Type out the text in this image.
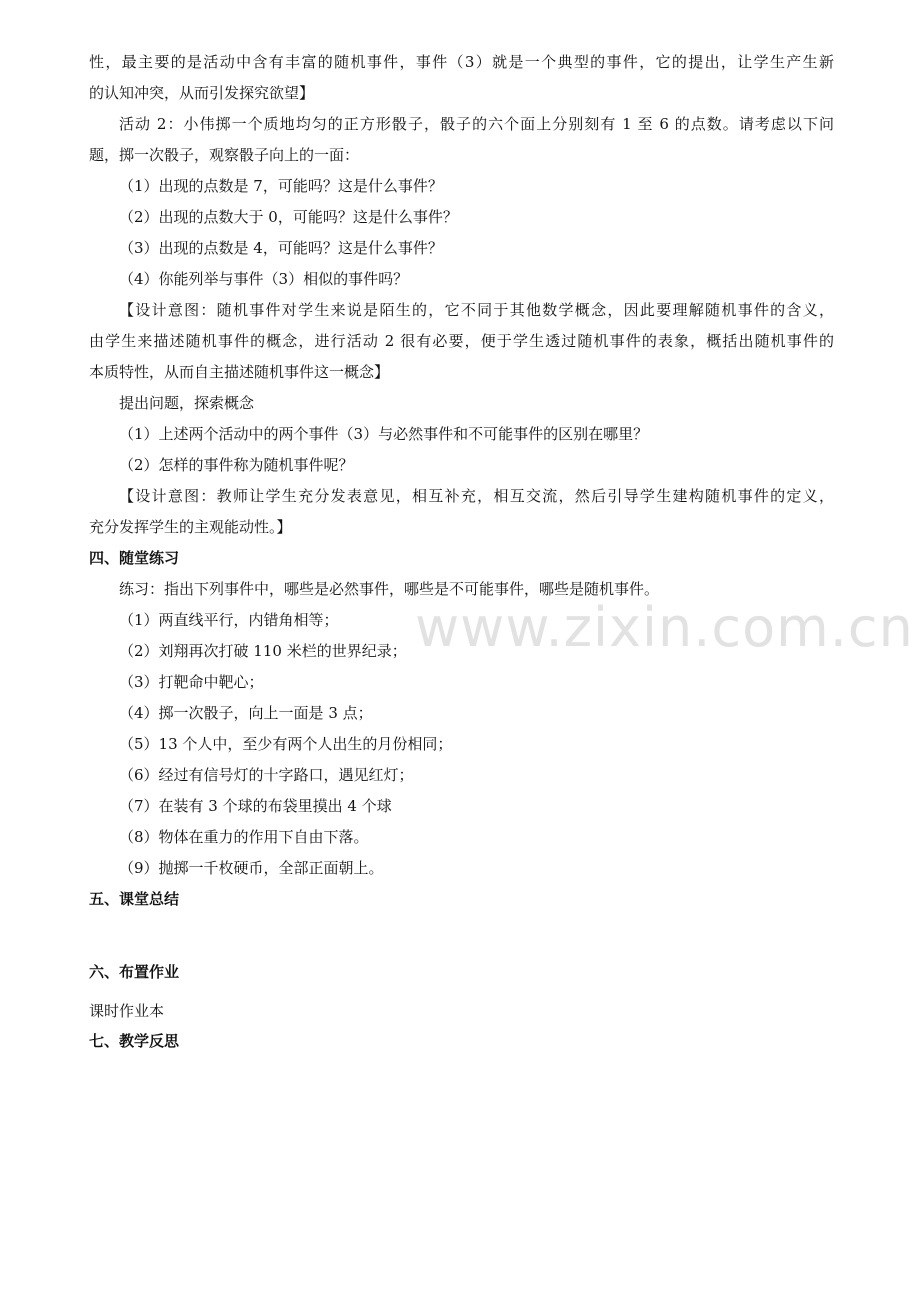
性，最主要的是活动中含有丰富的随机事件，事件（3）就是一个典型的事件，它的提出，让学生产生新
的认知冲突，从而引发探究欲望】
活动 2：小伟掷一个质地均匀的正方形骰子，骰子的六个面上分别刻有 1 至 6 的点数。请考虑以下问
题，掷一次骰子，观察骰子向上的一面：
（1）出现的点数是 7，可能吗？这是什么事件？
（2）出现的点数大于 0，可能吗？这是什么事件？
（3）出现的点数是 4，可能吗？这是什么事件？
（4）你能列举与事件（3）相似的事件吗？
【设计意图：随机事件对学生来说是陌生的，它不同于其他数学概念，因此要理解随机事件的含义，
由学生来描述随机事件的概念，进行活动 2 很有必要，便于学生透过随机事件的表象，概括出随机事件的
本质特性，从而自主描述随机事件这一概念】
提出问题，探索概念
（1）上述两个活动中的两个事件（3）与必然事件和不可能事件的区别在哪里？
（2）怎样的事件称为随机事件呢？
【设计意图：教师让学生充分发表意见，相互补充，相互交流，然后引导学生建构随机事件的定义，
充分发挥学生的主观能动性。】
四、随堂练习
练习：指出下列事件中，哪些是必然事件，哪些是不可能事件，哪些是随机事件。
（1）两直线平行，内错角相等；
（2）刘翔再次打破 110 米栏的世界纪录；
（3）打靶命中靶心；
（4）掷一次骰子，向上一面是 3 点；
（5）13 个人中，至少有两个人出生的月份相同；
（6）经过有信号灯的十字路口，遇见红灯；
（7）在装有 3 个球的布袋里摸出 4 个球
（8）物体在重力的作用下自由下落。
（9）抛掷一千枚硬币，全部正面朝上。
五、课堂总结
六、布置作业
课时作业本
七、教学反思
www.zixin.com.cn
